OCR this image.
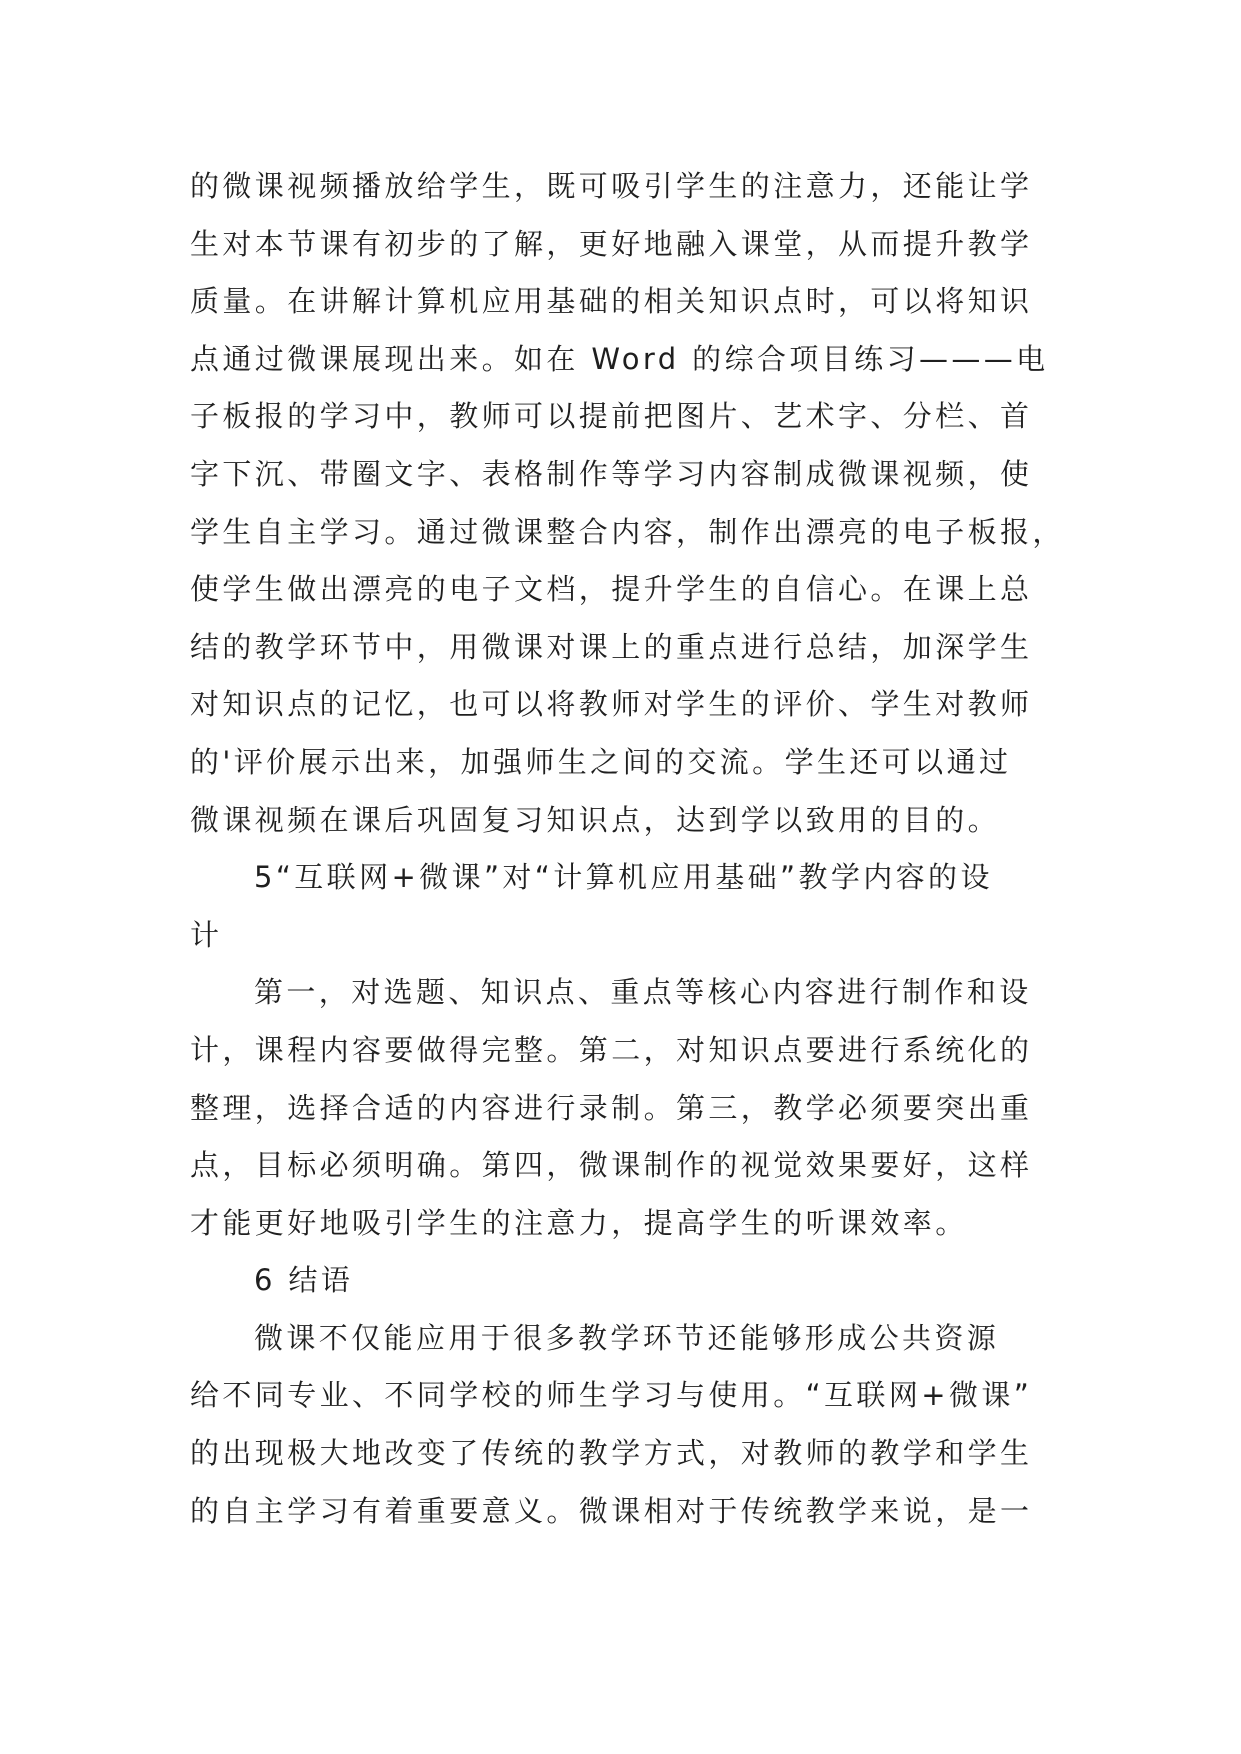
的微课视频播放给学生，既可吸引学生的注意力，还能让学
生对本节课有初步的了解，更好地融入课堂，从而提升教学
质量。在讲解计算机应用基础的相关知识点时，可以将知识
点通过微课展现出来。如在 Word 的综合项目练习———电
子板报的学习中，教师可以提前把图片、艺术字、分栏、首
字下沉、带圈文字、表格制作等学习内容制成微课视频，使
学生自主学习。通过微课整合内容，制作出漂亮的电子板报，
使学生做出漂亮的电子文档，提升学生的自信心。在课上总
结的教学环节中，用微课对课上的重点进行总结，加深学生
对知识点的记忆，也可以将教师对学生的评价、学生对教师
的'评价展示出来，加强师生之间的交流。学生还可以通过
微课视频在课后巩固复习知识点，达到学以致用的目的。
5“互联网+微课”对“计算机应用基础”教学内容的设
计
第一，对选题、知识点、重点等核心内容进行制作和设
计，课程内容要做得完整。第二，对知识点要进行系统化的
整理，选择合适的内容进行录制。第三，教学必须要突出重
点，目标必须明确。第四，微课制作的视觉效果要好，这样
才能更好地吸引学生的注意力，提高学生的听课效率。
6 结语
微课不仅能应用于很多教学环节还能够形成公共资源
给不同专业、不同学校的师生学习与使用。“互联网+微课”
的出现极大地改变了传统的教学方式，对教师的教学和学生
的自主学习有着重要意义。微课相对于传统教学来说，是一
